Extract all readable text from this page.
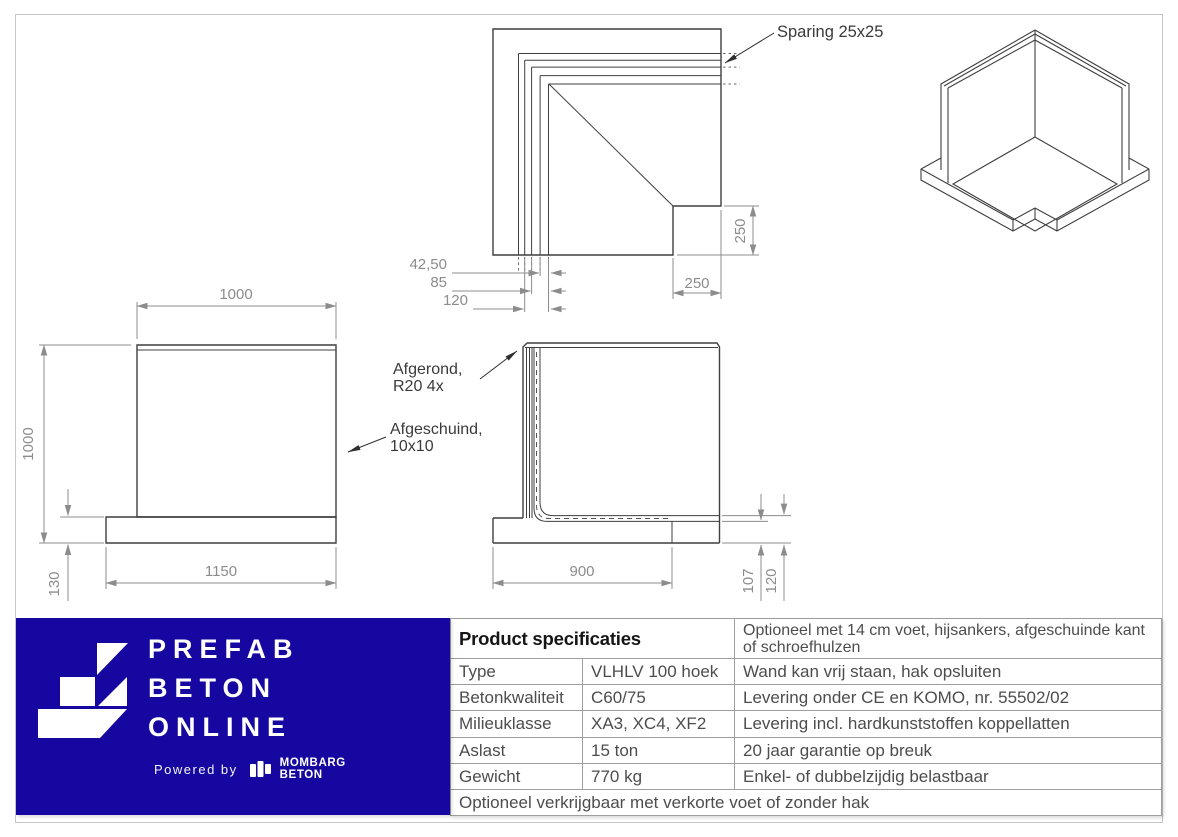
42,50
85
120
250
250
Sparing 25x25
1000
1000
130	1150	900	107 120
Afgerond,
R20 4x
Afgeschuind,
10x10
PREFAB
BETON
ONLINE
Powered by	MOMBARG
BETON
Product specificaties	Optioneel met 14 cm voet, hijsankers, afgeschuinde kant of schroefhulzen
Type	VLHLV 100 hoek	Wand kan vrij staan, hak opsluiten
Betonkwaliteit	C60/75	Levering onder CE en KOMO, nr. 55502/02
Milieuklasse	XA3, XC4, XF2	Levering incl. hardkunststoffen koppellatten
Aslast	15 ton	20 jaar garantie op breuk
Gewicht	770 kg	Enkel- of dubbelzijdig belastbaar
Optioneel verkrijgbaar met verkorte voet of zonder hak
